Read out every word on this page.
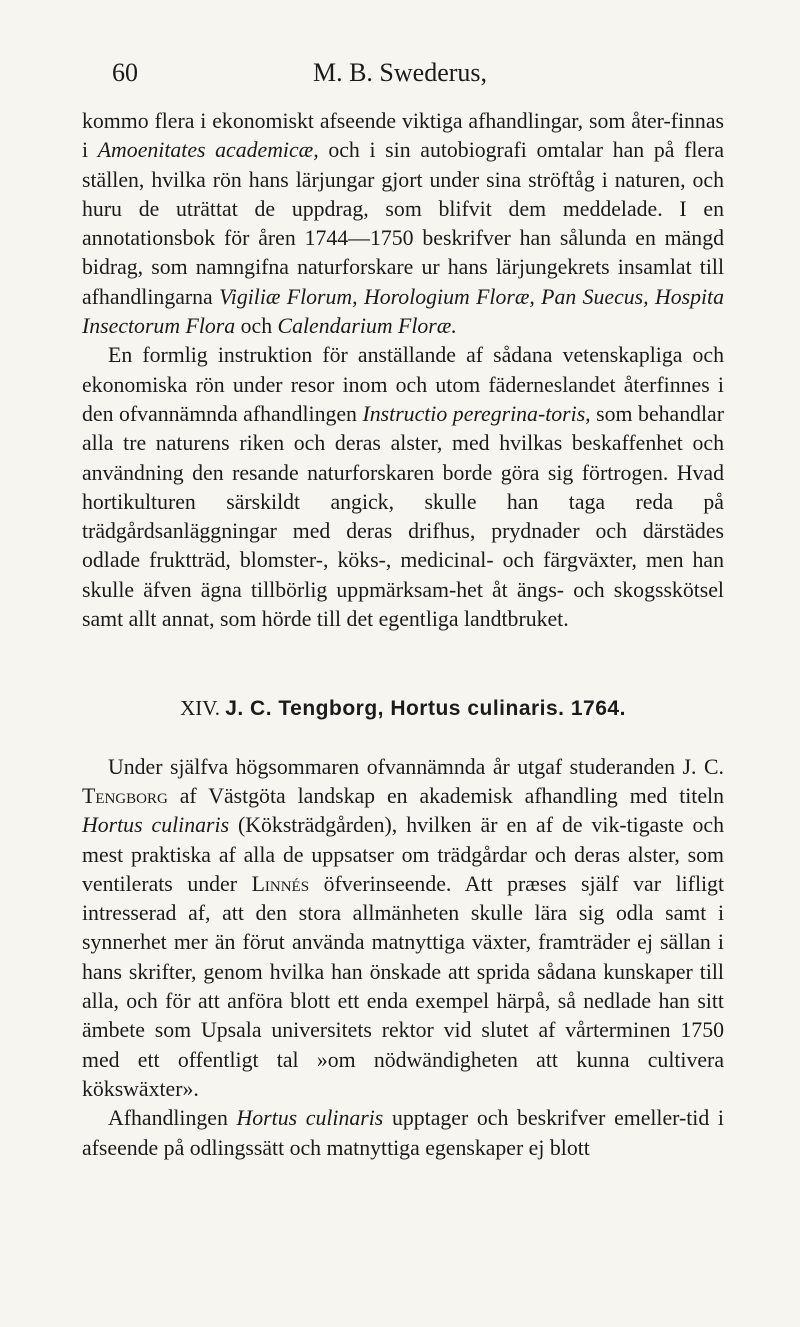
60	M. B. Swederus,

kommo flera i ekonomiskt afseende viktiga afhandlingar, som åter-finnas i Amoenitates academicæ, och i sin autobiografi omtalar han på flera ställen, hvilka rön hans lärjungar gjort under sina ströftåg i naturen, och huru de uträttat de uppdrag, som blifvit dem meddelade. I en annotationsbok för åren 1744—1750 beskrifver han sålunda en mängd bidrag, som namngifna naturforskare ur hans lärjungekrets insamlat till afhandlingarna Vigiliæ Florum, Horologium Floræ, Pan Suecus, Hospita Insectorum Flora och Calendarium Floræ.

En formlig instruktion för anställande af sådana vetenskapliga och ekonomiska rön under resor inom och utom fäderneslandet återfinnes i den ofvannämnda afhandlingen Instructio peregrina-toris, som behandlar alla tre naturens riken och deras alster, med hvilkas beskaffenhet och användning den resande naturforskaren borde göra sig förtrogen. Hvad hortikulturen särskildt angick, skulle han taga reda på trädgårdsanläggningar med deras drifhus, prydnader och därstädes odlade fruktträd, blomster-, köks-, medicinal- och färgväxter, men han skulle äfven ägna tillbörlig uppmärksam-het åt ängs- och skogsskötsel samt allt annat, som hörde till det egentliga landtbruket.

XIV. J. C. Tengborg, Hortus culinaris. 1764.

Under själfva högsommaren ofvannämnda år utgaf studeranden J. C. Tengborg af Västgöta landskap en akademisk afhandling med titeln Hortus culinaris (Köksträdgården), hvilken är en af de vik-tigaste och mest praktiska af alla de uppsatser om trädgårdar och deras alster, som ventilerats under Linnés öfverinseende. Att præses själf var lifligt intresserad af, att den stora allmänheten skulle lära sig odla samt i synnerhet mer än förut använda matnyttiga växter, framträder ej sällan i hans skrifter, genom hvilka han önskade att sprida sådana kunskaper till alla, och för att anföra blott ett enda exempel härpå, så nedlade han sitt ämbete som Upsala universitets rektor vid slutet af vårterminen 1750 med ett offentligt tal »om nödwändigheten att kunna cultivera kökswäxter».

Afhandlingen Hortus culinaris upptager och beskrifver emeller-tid i afseende på odlingssätt och matnyttiga egenskaper ej blott
